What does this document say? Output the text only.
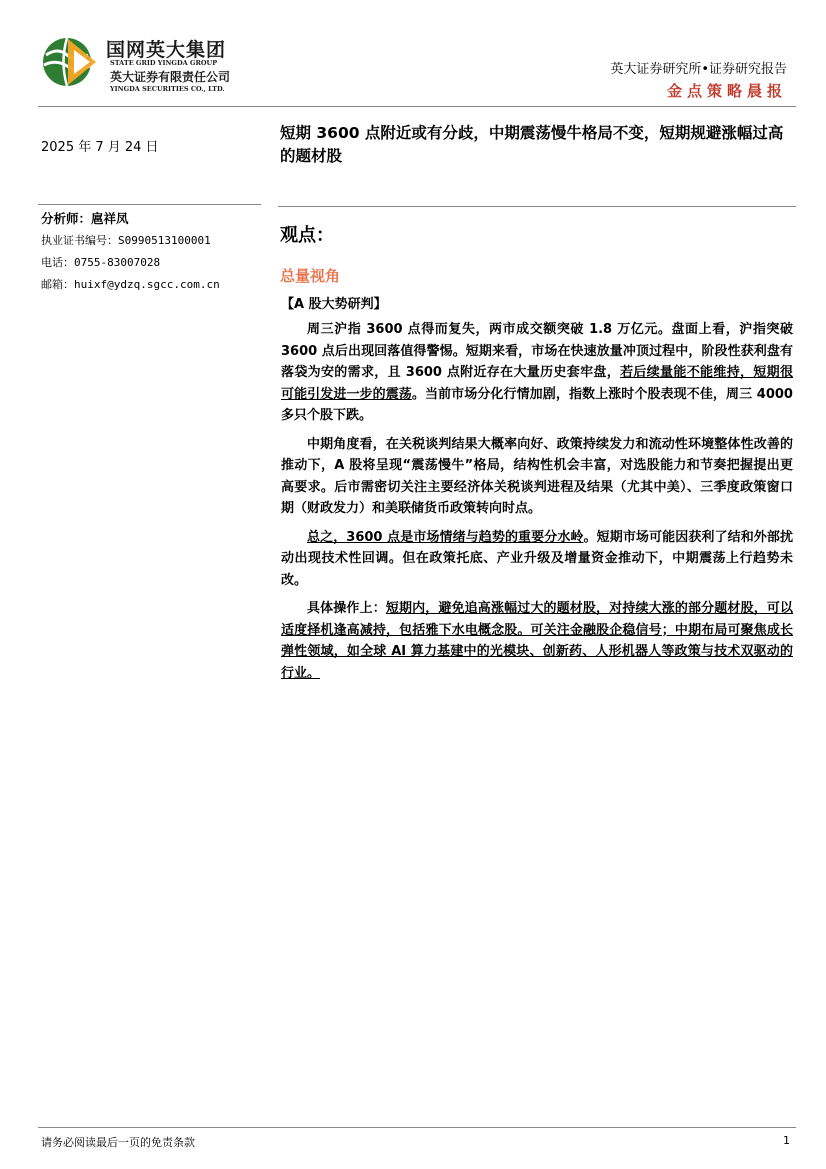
国网英大集团
STATE GRID YINGDA GROUP
英大证券有限责任公司
YINGDA SECURITIES CO., LTD.
英大证券研究所•证券研究报告
金点策略晨报
2025 年 7 月 24 日
分析师：扈祥凤
执业证书编号：S0990513100001
电话：0755-83007028
邮箱：huixf@ydzq.sgcc.com.cn
短期 3600 点附近或有分歧，中期震荡慢牛格局不变，短期规避涨幅过高的题材股
观点：
总量视角
【A 股大势研判】

周三沪指 3600 点得而复失，两市成交额突破 1.8 万亿元。盘面上看，沪指突破 3600 点后出现回落值得警惕。短期来看，市场在快速放量冲顶过程中，阶段性获利盘有落袋为安的需求，且 3600 点附近存在大量历史套牢盘，若后续量能不能维持，短期很可能引发进一步的震荡。当前市场分化行情加剧，指数上涨时个股表现不佳，周三 4000 多只个股下跌。

中期角度看，在关税谈判结果大概率向好、政策持续发力和流动性环境整体性改善的推动下，A 股将呈现“震荡慢牛”格局，结构性机会丰富，对选股能力和节奏把握提出更高要求。后市需密切关注主要经济体关税谈判进程及结果（尤其中美）、三季度政策窗口期（财政发力）和美联储货币政策转向时点。

总之，3600 点是市场情绪与趋势的重要分水岭。短期市场可能因获利了结和外部扰动出现技术性回调。但在政策托底、产业升级及增量资金推动下，中期震荡上行趋势未改。

具体操作上：短期内，避免追高涨幅过大的题材股，对持续大涨的部分题材股，可以适度择机逢高减持，包括雅下水电概念股。可关注金融股企稳信号；中期布局可聚焦成长弹性领域，如全球 AI 算力基建中的光模块、创新药、人形机器人等政策与技术双驱动的行业。

请务必阅读最后一页的免责条款	1
